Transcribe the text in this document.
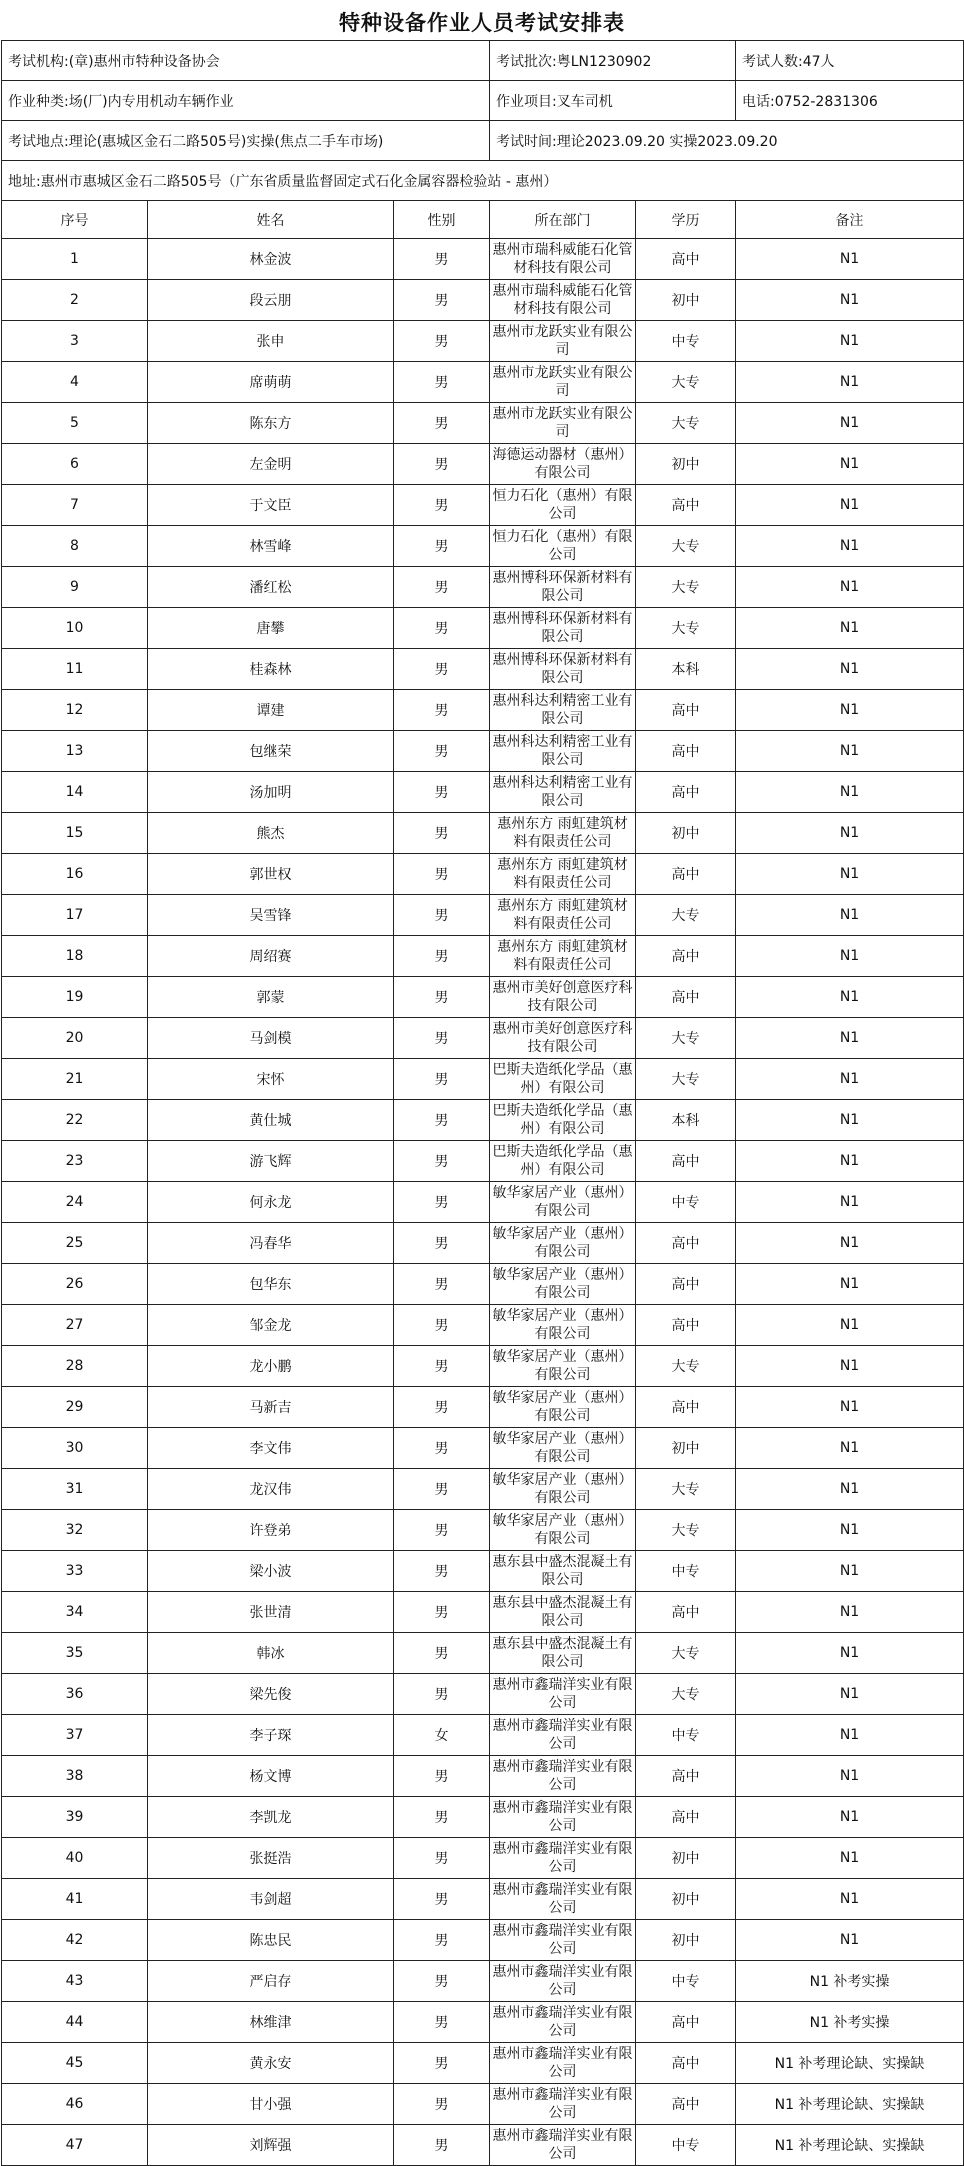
特种设备作业人员考试安排表
考试机构:(章)惠州市特种设备协会			考试批次:粤LN1230902		考试人数:47人
作业种类:场(厂)内专用机动车辆作业			作业项目:叉车司机		电话:0752-2831306
考试地点:理论(惠城区金石二路505号)实操(焦点二手车市场)			考试时间:理论2023.09.20 实操2023.09.20		
地址:惠州市惠城区金石二路505号（广东省质量监督固定式石化金属容器检验站 - 惠州）					
序号	姓名	性别	所在部门	学历	备注
1	林金波	男	惠州市瑞科威能石化管材科技有限公司	高中	N1
2	段云朋	男	惠州市瑞科威能石化管材科技有限公司	初中	N1
3	张申	男	惠州市龙跃实业有限公司	中专	N1
4	席萌萌	男	惠州市龙跃实业有限公司	大专	N1
5	陈东方	男	惠州市龙跃实业有限公司	大专	N1
6	左金明	男	海德运动器材（惠州）有限公司	初中	N1
7	于文臣	男	恒力石化（惠州）有限公司	高中	N1
8	林雪峰	男	恒力石化（惠州）有限公司	大专	N1
9	潘红松	男	惠州博科环保新材料有限公司	大专	N1
10	唐攀	男	惠州博科环保新材料有限公司	大专	N1
11	桂森林	男	惠州博科环保新材料有限公司	本科	N1
12	谭建	男	惠州科达利精密工业有限公司	高中	N1
13	包继荣	男	惠州科达利精密工业有限公司	高中	N1
14	汤加明	男	惠州科达利精密工业有限公司	高中	N1
15	熊杰	男	惠州东方 雨虹建筑材料有限责任公司	初中	N1
16	郭世权	男	惠州东方 雨虹建筑材料有限责任公司	高中	N1
17	吴雪锋	男	惠州东方 雨虹建筑材料有限责任公司	大专	N1
18	周绍赛	男	惠州东方 雨虹建筑材料有限责任公司	高中	N1
19	郭蒙	男	惠州市美好创意医疗科技有限公司	高中	N1
20	马剑模	男	惠州市美好创意医疗科技有限公司	大专	N1
21	宋怀	男	巴斯夫造纸化学品（惠州）有限公司	大专	N1
22	黄仕城	男	巴斯夫造纸化学品（惠州）有限公司	本科	N1
23	游飞辉	男	巴斯夫造纸化学品（惠州）有限公司	高中	N1
24	何永龙	男	敏华家居产业（惠州）有限公司	中专	N1
25	冯春华	男	敏华家居产业（惠州）有限公司	高中	N1
26	包华东	男	敏华家居产业（惠州）有限公司	高中	N1
27	邹金龙	男	敏华家居产业（惠州）有限公司	高中	N1
28	龙小鹏	男	敏华家居产业（惠州）有限公司	大专	N1
29	马新吉	男	敏华家居产业（惠州）有限公司	高中	N1
30	李文伟	男	敏华家居产业（惠州）有限公司	初中	N1
31	龙汉伟	男	敏华家居产业（惠州）有限公司	大专	N1
32	许登弟	男	敏华家居产业（惠州）有限公司	大专	N1
33	梁小波	男	惠东县中盛杰混凝土有限公司	中专	N1
34	张世清	男	惠东县中盛杰混凝土有限公司	高中	N1
35	韩冰	男	惠东县中盛杰混凝土有限公司	大专	N1
36	梁先俊	男	惠州市鑫瑞洋实业有限公司	大专	N1
37	李子琛	女	惠州市鑫瑞洋实业有限公司	中专	N1
38	杨文博	男	惠州市鑫瑞洋实业有限公司	高中	N1
39	李凯龙	男	惠州市鑫瑞洋实业有限公司	高中	N1
40	张挺浩	男	惠州市鑫瑞洋实业有限公司	初中	N1
41	韦剑超	男	惠州市鑫瑞洋实业有限公司	初中	N1
42	陈忠民	男	惠州市鑫瑞洋实业有限公司	初中	N1
43	严启存	男	惠州市鑫瑞洋实业有限公司	中专	N1 补考实操
44	林维津	男	惠州市鑫瑞洋实业有限公司	高中	N1 补考实操
45	黄永安	男	惠州市鑫瑞洋实业有限公司	高中	N1 补考理论缺、实操缺
46	甘小强	男	惠州市鑫瑞洋实业有限公司	高中	N1 补考理论缺、实操缺
47	刘辉强	男	惠州市鑫瑞洋实业有限公司	中专	N1 补考理论缺、实操缺
